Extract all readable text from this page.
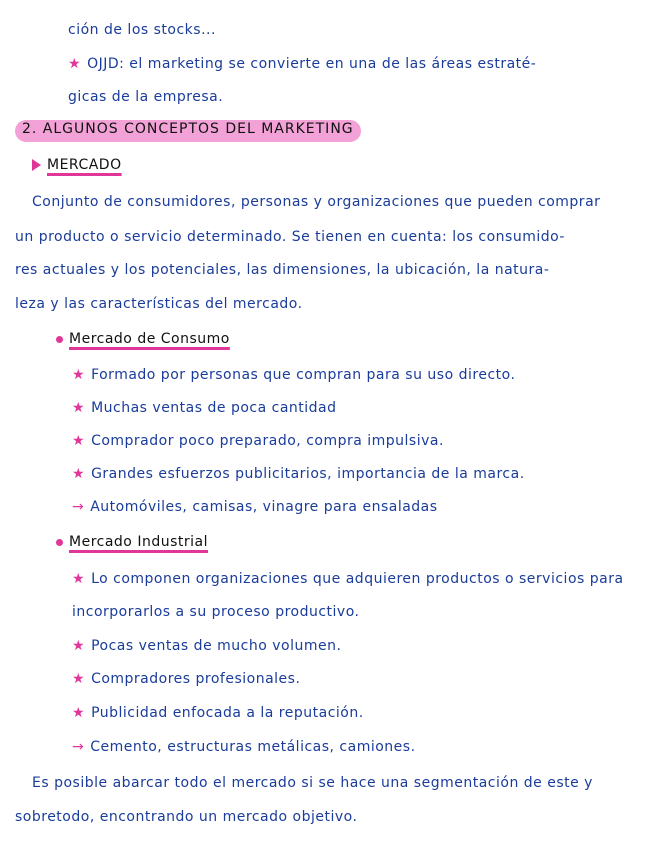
ción de los stocks...
★ OJJD: el marketing se convierte en una de las áreas estraté-
gicas de la empresa.
2. ALGUNOS CONCEPTOS DEL MARKETING
MERCADO
Conjunto de consumidores, personas y organizaciones que pueden comprar
un producto o servicio determinado. Se tienen en cuenta: los consumido-
res actuales y los potenciales, las dimensiones, la ubicación, la natura-
leza y las características del mercado.
Mercado de Consumo
★ Formado por personas que compran para su uso directo.
★ Muchas ventas de poca cantidad
★ Comprador poco preparado, compra impulsiva.
★ Grandes esfuerzos publicitarios, importancia de la marca.
→ Automóviles, camisas, vinagre para ensaladas
Mercado Industrial
★ Lo componen organizaciones que adquieren productos o servicios para
incorporarlos a su proceso productivo.
★ Pocas ventas de mucho volumen.
★ Compradores profesionales.
★ Publicidad enfocada a la reputación.
→ Cemento, estructuras metálicas, camiones.
Es posible abarcar todo el mercado si se hace una segmentación de este y
sobretodo, encontrando un mercado objetivo.
